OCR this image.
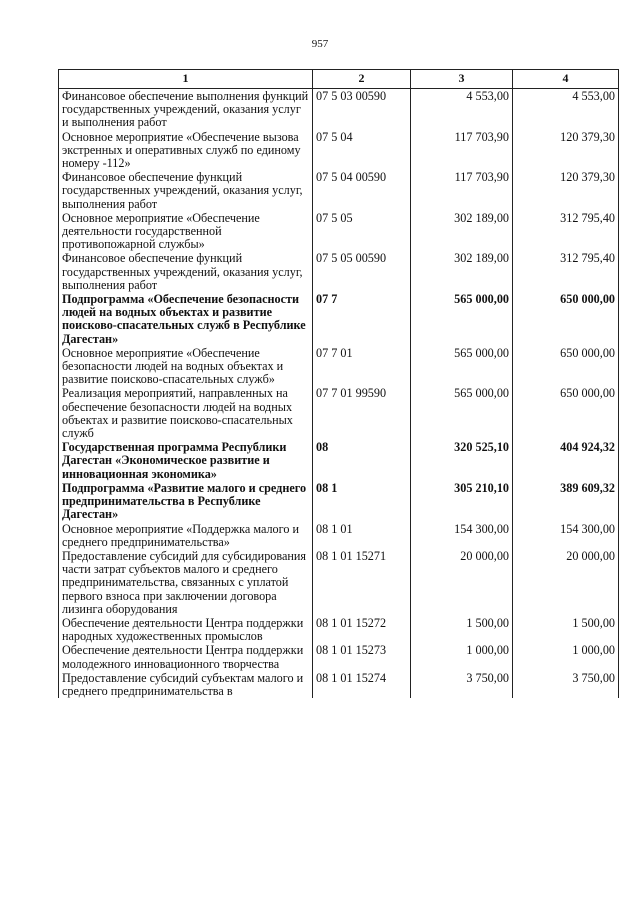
957
1	2	3	4
Финансовое обеспечение выполнения функций государственных учреждений, оказания услуг и выполнения работ	07 5 03 00590	4 553,00	4 553,00
Основное мероприятие «Обеспечение вызова экстренных и оперативных служб по единому номеру -112»	07 5 04	117 703,90	120 379,30
Финансовое обеспечение функций государственных учреждений, оказания услуг, выполнения работ	07 5 04 00590	117 703,90	120 379,30
Основное мероприятие «Обеспечение деятельности государственной противопожарной службы»	07 5 05	302 189,00	312 795,40
Финансовое обеспечение функций государственных учреждений, оказания услуг, выполнения работ	07 5 05 00590	302 189,00	312 795,40
Подпрограмма «Обеспечение безопасности людей на водных объектах и развитие поисково-спасательных служб в Республике Дагестан»	07 7	565 000,00	650 000,00
Основное мероприятие «Обеспечение безопасности людей на водных объектах и развитие поисково-спасательных служб»	07 7 01	565 000,00	650 000,00
Реализация мероприятий, направленных на обеспечение безопасности людей на водных объектах и развитие поисково-спасательных служб	07 7 01 99590	565 000,00	650 000,00
Государственная программа Республики Дагестан «Экономическое развитие и инновационная экономика»	08	320 525,10	404 924,32
Подпрограмма «Развитие малого и среднего предпринимательства в Республике Дагестан»	08 1	305 210,10	389 609,32
Основное мероприятие «Поддержка малого и среднего предпринимательства»	08 1 01	154 300,00	154 300,00
Предоставление субсидий для субсидирования части затрат субъектов малого и среднего предпринимательства, связанных с уплатой первого взноса при заключении договора лизинга оборудования	08 1 01 15271	20 000,00	20 000,00
Обеспечение деятельности Центра поддержки народных художественных промыслов	08 1 01 15272	1 500,00	1 500,00
Обеспечение деятельности Центра поддержки молодежного инновационного творчества	08 1 01 15273	1 000,00	1 000,00
Предоставление субсидий субъектам малого и среднего предпринимательства в	08 1 01 15274	3 750,00	3 750,00
